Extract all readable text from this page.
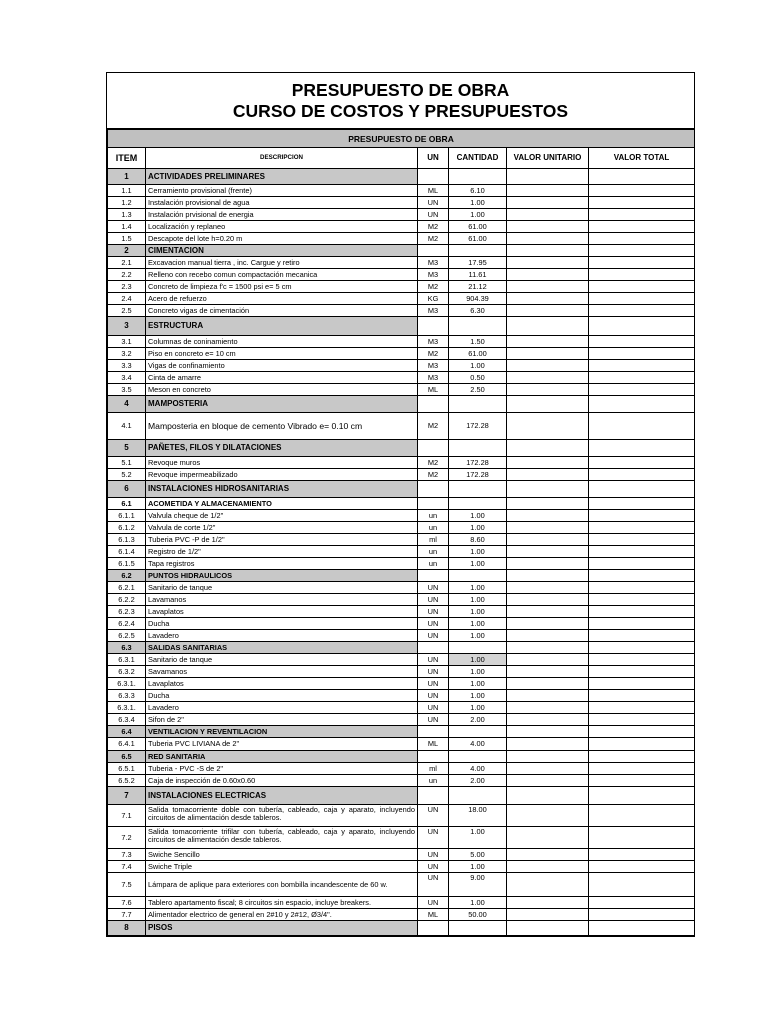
PRESUPUESTO DE OBRA
CURSO DE COSTOS Y PRESUPUESTOS
PRESUPUESTO DE OBRA					
ITEM	DESCRIPCION	UN	CANTIDAD	VALOR UNITARIO	VALOR TOTAL
1	ACTIVIDADES PRELIMINARES				
1.1	Cerramiento provisional (frente)	ML	6.10		
1.2	Instalación provisional de agua	UN	1.00		
1.3	Instalación prvisional de energia	UN	1.00		
1.4	Localización y replaneo	M2	61.00		
1.5	Descapote del lote h=0.20 m	M2	61.00		
2	CIMENTACION				
2.1	Excavacion manual tierra , inc. Cargue y retiro	M3	17.95		
2.2	Relleno con recebo comun compactación mecanica	M3	11.61		
2.3	Concreto de limpieza f'c = 1500 psi e= 5 cm	M2	21.12		
2.4	Acero de refuerzo	KG	904.39		
2.5	Concreto vigas de cimentación	M3	6.30		
3	ESTRUCTURA				
3.1	Columnas de coninamiento	M3	1.50		
3.2	Piso en concreto e= 10 cm	M2	61.00		
3.3	Vigas de confinamiento	M3	1.00		
3.4	Cinta de amarre	M3	0.50		
3.5	Meson en concreto	ML	2.50		
4	MAMPOSTERIA				
4.1	Mamposteria en bloque de cemento Vibrado e= 0.10 cm	M2	172.28		
5	PAÑETES, FILOS Y DILATACIONES				
5.1	Revoque muros	M2	172.28		
5.2	Revoque impermeabilizado	M2	172.28		
6	INSTALACIONES HIDROSANITARIAS				
6.1	ACOMETIDA Y ALMACENAMIENTO				
6.1.1	Valvula cheque de 1/2"	un	1.00		
6.1.2	Valvula de corte 1/2"	un	1.00		
6.1.3	Tuberia PVC -P de 1/2"	ml	8.60		
6.1.4	Registro de 1/2"	un	1.00		
6.1.5	Tapa registros	un	1.00		
6.2	PUNTOS HIDRAULICOS				
6.2.1	Sanitario de tanque	UN	1.00		
6.2.2	Lavamanos	UN	1.00		
6.2.3	Lavaplatos	UN	1.00		
6.2.4	Ducha	UN	1.00		
6.2.5	Lavadero	UN	1.00		
6.3	SALIDAS SANITARIAS				
6.3.1	Sanitario de tanque	UN	1.00		
6.3.2	Savamanos	UN	1.00		
6.3.1.	Lavaplatos	UN	1.00		
6.3.3	Ducha	UN	1.00		
6.3.1.	Lavadero	UN	1.00		
6.3.4	Sifon de 2"	UN	2.00		
6.4	VENTILACION Y REVENTILACION				
6.4.1	Tuberia PVC LIVIANA de 2"	ML	4.00		
6.5	RED SANITARIA				
6.5.1	Tuberia - PVC -S de 2"	ml	4.00		
6.5.2	Caja de inspección de 0.60x0.60	un	2.00		
7	INSTALACIONES ELECTRICAS				
7.1	Salida tomacorriente doble con tubería, cableado, caja y aparato, incluyendo circuitos de alimentación desde tableros.	UN	18.00		
7.2	Salida tomacorriente trifilar con tubería, cableado, caja y aparato, incluyendo circuitos de alimentación desde tableros.	UN	1.00		
7.3	Swiche Sencillo	UN	5.00		
7.4	Swiche Triple	UN	1.00		
7.5	Lámpara de aplique para exteriores con bombilla incandescente de 60 w.	UN	9.00		
7.6	Tablero apartamento fiscal; 8 circuitos sin espacio, incluye breakers.	UN	1.00		
7.7	Alimentador electrico de general en 2#10 y 2#12, Ø3/4".	ML	50.00		
8	PISOS				
